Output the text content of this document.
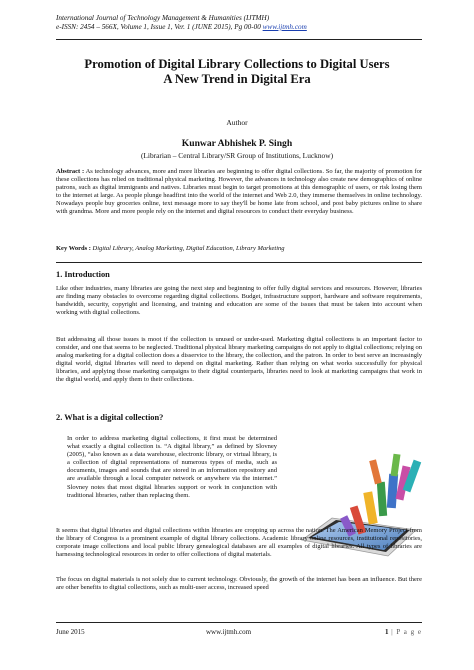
International Journal of Technology Management & Humanities (IJTMH)
e-ISSN: 2454 – 566X, Volume 1, Issue 1, Ver. 1 (JUNE 2015), Pg 00-00 www.ijtmh.com
Promotion of Digital Library Collections to Digital Users
A New Trend in Digital Era
Author
Kunwar Abhishek P. Singh
(Librarian – Central Library/SR Group of Institutions, Lucknow)
Abstract : As technology advances, more and more libraries are beginning to offer digital collections. So far, the majority of promotion for these collections has relied on traditional physical marketing. However, the advances in technology also create new demographics of online patrons, such as digital immigrants and natives. Libraries must begin to target promotions at this demographic of users, or risk losing them to the internet at large. As people plunge headfirst into the world of the internet and Web 2.0, they immerse themselves in online technology. Nowadays people buy groceries online, text message more to say they'll be home late from school, and post baby pictures online to share with grandma. More and more people rely on the internet and digital resources to conduct their everyday business.
Key Words : Digital Library, Analog Marketing, Digital Education, Library Marketing
1. Introduction
Like other industries, many libraries are going the next step and beginning to offer fully digital services and resources. However, libraries are finding many obstacles to overcome regarding digital collections. Budget, infrastructure support, hardware and software requirements, bandwidth, security, copyright and licensing, and training and education are some of the issues that must be taken into account when working with digital collections.
But addressing all those issues is moot if the collection is unused or under-used. Marketing digital collections is an important factor to consider, and one that seems to be neglected. Traditional physical library marketing campaigns do not apply to digital collections; relying on analog marketing for a digital collection does a disservice to the library, the collection, and the patron. In order to best serve an increasingly digital world, digital libraries will need to depend on digital marketing. Rather than relying on what works successfully for physical libraries, and applying those marketing campaigns to their digital counterparts, libraries need to look at marketing campaigns that work in the digital world, and apply them to their collections.
2. What is a digital collection?
In order to address marketing digital collections, it first must be determined what exactly a digital collection is. “A digital library,” as defined by Slovney (2005), “also known as a data warehouse, electronic library, or virtual library, is a collection of digital representations of numerous types of media, such as documents, images and sounds that are stored in an information repository and are available through a local computer network or anywhere via the internet.” Slovney notes that most digital libraries support or work in conjunction with traditional libraries, rather than replacing them.
It seems that digital libraries and digital collections within libraries are cropping up across the nation. The American Memory Project from the library of Congress is a prominent example of digital library collections. Academic library online resources, institutional repositories, corporate image collections and local public library genealogical databases are all examples of digital libraries. All types of libraries are harnessing technological resources in order to offer collections of digital materials.
The focus on digital materials is not solely due to current technology. Obviously, the growth of the internet has been an influence. But there are other benefits to digital collections, such as multi-user access, increased speed
June 2015	www.ijtmh.com	1 | P a g e
